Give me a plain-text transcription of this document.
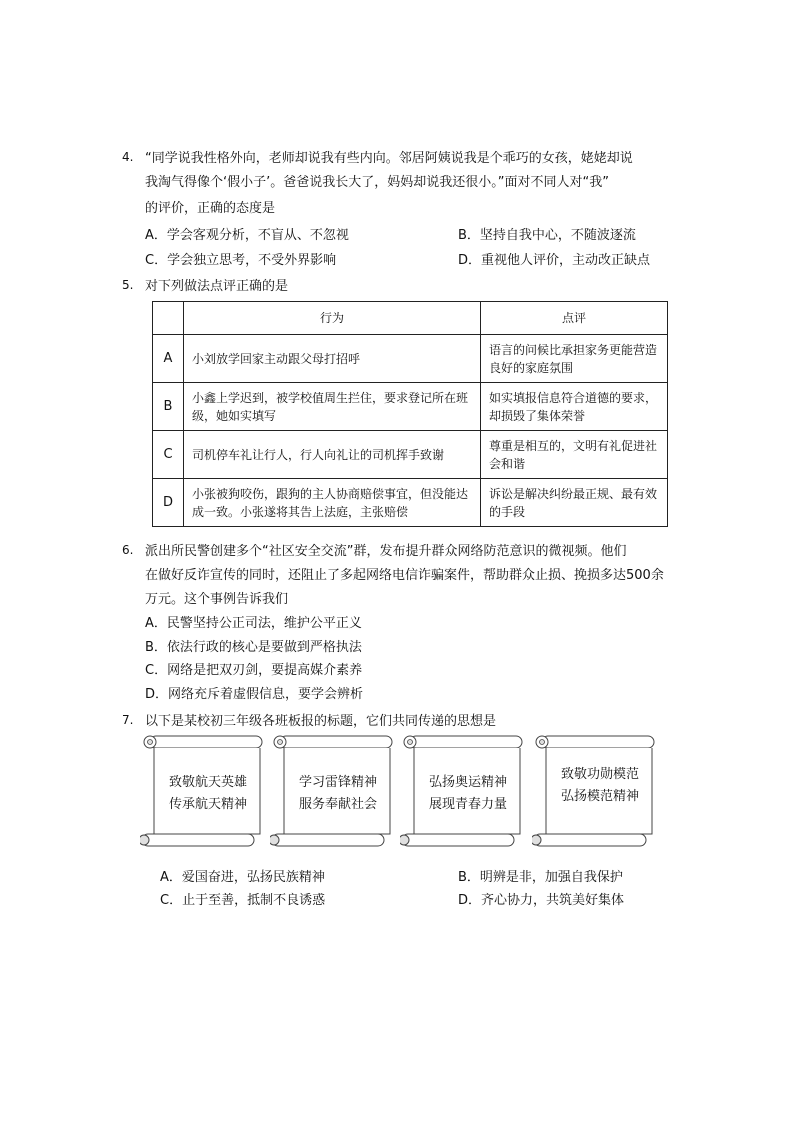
4. “同学说我性格外向，老师却说我有些内向。邻居阿姨说我是个乖巧的女孩，姥姥却说
我淘气得像个‘假小子’。爸爸说我长大了，妈妈却说我还很小。”面对不同人对“我”
的评价，正确的态度是
A．学会客观分析，不盲从、不忽视	B．坚持自我中心，不随波逐流
C．学会独立思考，不受外界影响	D．重视他人评价，主动改正缺点
5. 对下列做法点评正确的是
	行为	点评
A	小刘放学回家主动跟父母打招呼	语言的问候比承担家务更能营造良好的家庭氛围
B	小鑫上学迟到，被学校值周生拦住，要求登记所在班级，她如实填写	如实填报信息符合道德的要求，却损毁了集体荣誉
C	司机停车礼让行人，行人向礼让的司机挥手致谢	尊重是相互的，文明有礼促进社会和谐
D	小张被狗咬伤，跟狗的主人协商赔偿事宜，但没能达成一致。小张遂将其告上法庭，主张赔偿	诉讼是解决纠纷最正规、最有效的手段
6. 派出所民警创建多个“社区安全交流”群，发布提升群众网络防范意识的微视频。他们
在做好反诈宣传的同时，还阻止了多起网络电信诈骗案件，帮助群众止损、挽损多达500余
万元。这个事例告诉我们
A．民警坚持公正司法，维护公平正义
B．依法行政的核心是要做到严格执法
C．网络是把双刃剑，要提高媒介素养
D．网络充斥着虚假信息，要学会辨析
7. 以下是某校初三年级各班板报的标题，它们共同传递的思想是
致敬航天英雄
传承航天精神
学习雷锋精神
服务奉献社会
弘扬奥运精神
展现青春力量
致敬功勋模范
弘扬模范精神
A．爱国奋进，弘扬民族精神	B．明辨是非，加强自我保护
C．止于至善，抵制不良诱惑	D．齐心协力，共筑美好集体
